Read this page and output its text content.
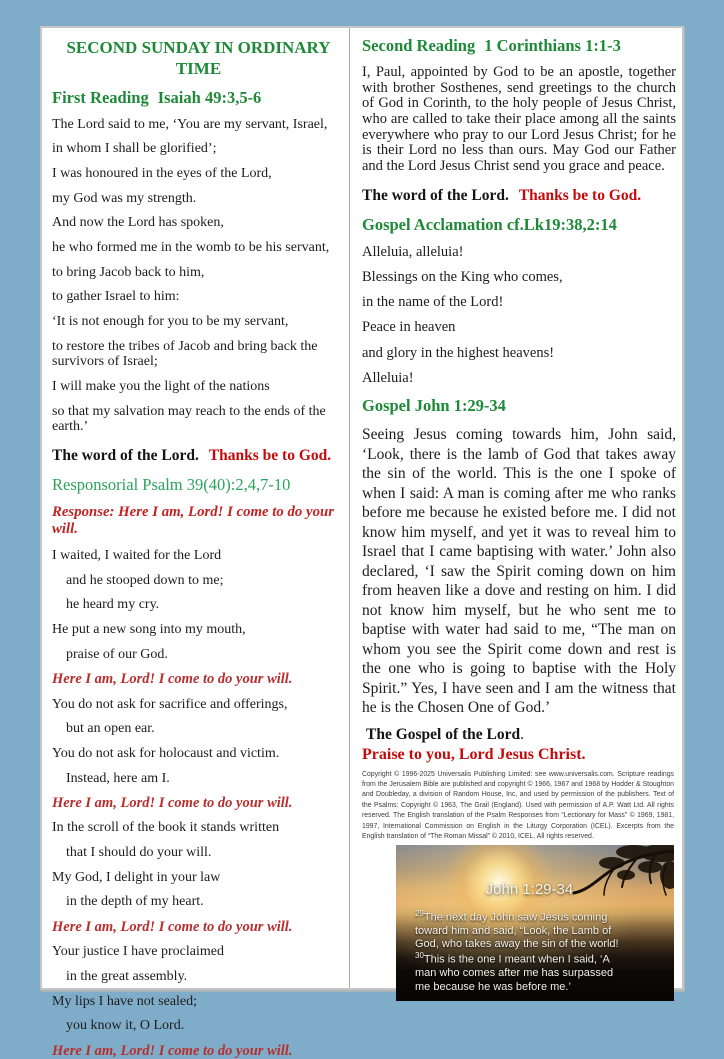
SECOND SUNDAY IN ORDINARY TIME
First Reading Isaiah 49:3,5-6
The Lord said to me, ‘You are my servant, Israel,
in whom I shall be glorified’;
I was honoured in the eyes of the Lord,
my God was my strength.
And now the Lord has spoken,
he who formed me in the womb to be his servant,
to bring Jacob back to him,
to gather Israel to him:
‘It is not enough for you to be my servant,
to restore the tribes of Jacob and bring back the survivors of Israel;
I will make you the light of the nations
so that my salvation may reach to the ends of the earth.’

The word of the Lord. Thanks be to God.

Responsorial Psalm 39(40):2,4,7-10

Response: Here I am, Lord! I come to do your will.

I waited, I waited for the Lord
and he stooped down to me;
he heard my cry.
He put a new song into my mouth,
praise of our God.
Here I am, Lord! I come to do your will.
You do not ask for sacrifice and offerings,
but an open ear.
You do not ask for holocaust and victim.
Instead, here am I.
Here I am, Lord! I come to do your will.
In the scroll of the book it stands written
that I should do your will.
My God, I delight in your law
in the depth of my heart.
Here I am, Lord! I come to do your will.
Your justice I have proclaimed
in the great assembly.
My lips I have not sealed;
you know it, O Lord.
Here I am, Lord! I come to do your will.
Second Reading 1 Corinthians 1:1-3

I, Paul, appointed by God to be an apostle, together with brother Sosthenes, send greetings to the church of God in Corinth, to the holy people of Jesus Christ, who are called to take their place among all the saints everywhere who pray to our Lord Jesus Christ; for he is their Lord no less than ours. May God our Father and the Lord Jesus Christ send you grace and peace.

The word of the Lord. Thanks be to God.

Gospel Acclamation cf.Lk19:38,2:14
Alleluia, alleluia!
Blessings on the King who comes,
in the name of the Lord!
Peace in heaven
and glory in the highest heavens!
Alleluia!
Gospel John 1:29-34

Seeing Jesus coming towards him, John said, ‘Look, there is the lamb of God that takes away the sin of the world. This is the one I spoke of when I said: A man is coming after me who ranks before me because he existed before me. I did not know him myself, and yet it was to reveal him to Israel that I came baptising with water.’ John also declared, ‘I saw the Spirit coming down on him from heaven like a dove and resting on him. I did not know him myself, but he who sent me to baptise with water had said to me, “The man on whom you see the Spirit come down and rest is the one who is going to baptise with the Holy Spirit.” Yes, I have seen and I am the witness that he is the Chosen One of God.’

The Gospel of the Lord.

Praise to you, Lord Jesus Christ.

Copyright © 1996-2025 Universalis Publishing Limited: see www.universalis.com. Scripture readings from the Jerusalem Bible are published and copyright © 1966, 1967 and 1968 by Hodder & Stoughton and Doubleday, a division of Random House, Inc, and used by permission of the publishers. Text of the Psalms: Copyright © 1963, The Grail (England). Used with permission of A.P. Watt Ltd. All rights reserved. The English translation of the Psalm Responses from “Lectionary for Mass” © 1969, 1981, 1997, International Commission on English in the Liturgy Corporation (ICEL). Excerpts from the English translation of “The Roman Missal” © 2010, ICEL. All rights reserved.

John 1:29-34

$^{29}$The next day John saw Jesus coming toward him and said, “Look, the Lamb of God, who takes away the sin of the world! $^{30}$This is the one I meant when I said, ‘A man who comes after me has surpassed me because he was before me.’
